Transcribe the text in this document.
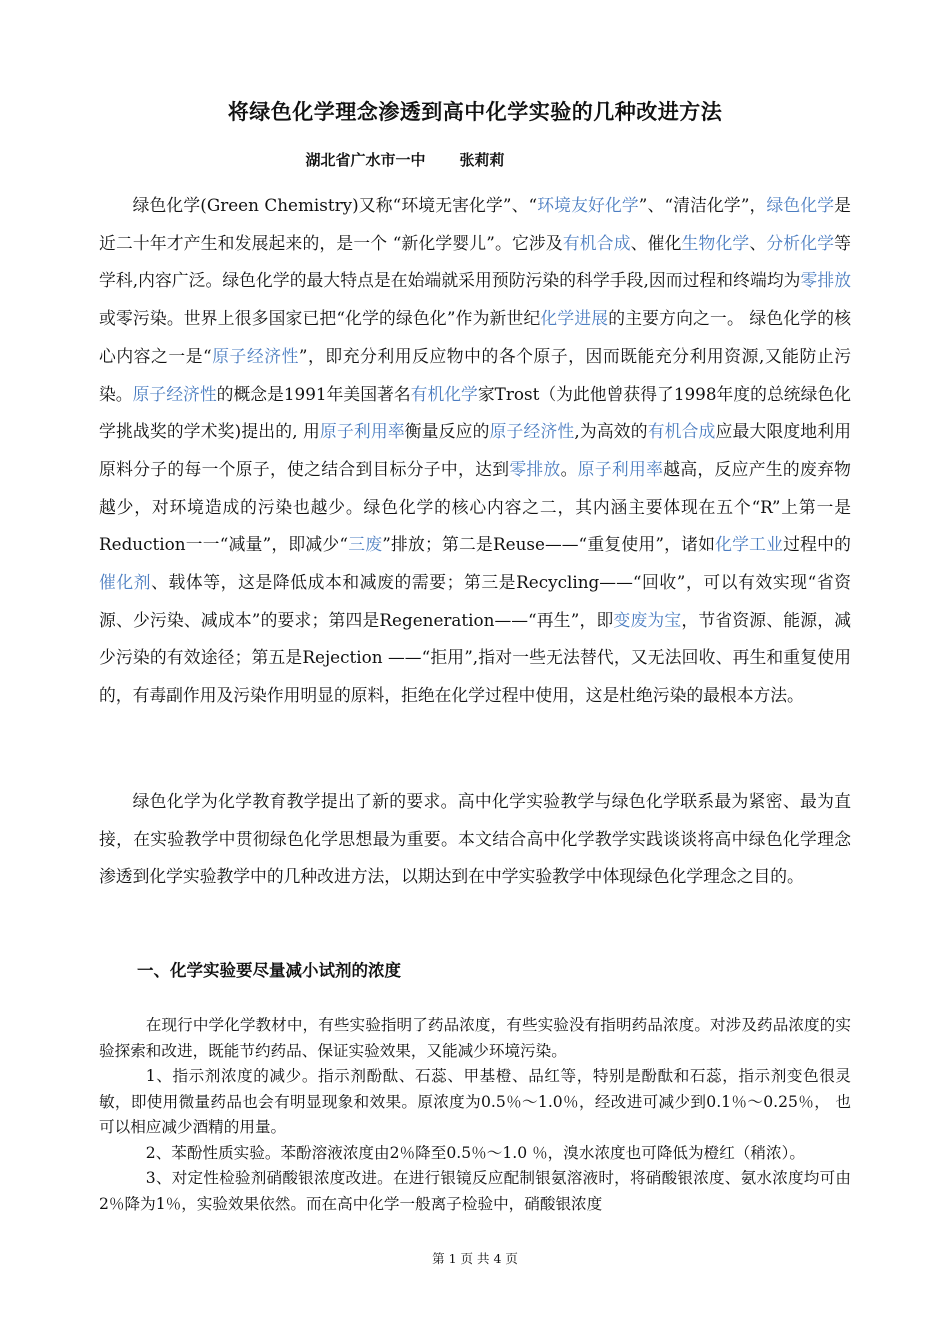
将绿色化学理念渗透到高中化学实验的几种改进方法
湖北省广水市一中 张莉莉

绿色化学(Green Chemistry)又称“环境无害化学”、“环境友好化学”、“清洁化学”，绿色化学是近二十年才产生和发展起来的，是一个 “新化学婴儿”。它涉及有机合成、催化生物化学、分析化学等学科,内容广泛。绿色化学的最大特点是在始端就采用预防污染的科学手段,因而过程和终端均为零排放或零污染。世界上很多国家已把“化学的绿色化”作为新世纪化学进展的主要方向之一。 绿色化学的核心内容之一是“原子经济性”，即充分利用反应物中的各个原子，因而既能充分利用资源,又能防止污染。原子经济性的概念是1991年美国著名有机化学家Trost（为此他曾获得了1998年度的总统绿色化学挑战奖的学术奖)提出的, 用原子利用率衡量反应的原子经济性,为高效的有机合成应最大限度地利用原料分子的每一个原子，使之结合到目标分子中，达到零排放。原子利用率越高，反应产生的废弃物越少，对环境造成的污染也越少。绿色化学的核心内容之二，其内涵主要体现在五个“R”上第一是Reduction一一“减量”，即减少“三废”排放；第二是Reuse——“重复使用”，诸如化学工业过程中的催化剂、载体等，这是降低成本和减废的需要；第三是Recycling——“回收”，可以有效实现“省资源、少污染、减成本”的要求；第四是Regeneration——“再生”，即变废为宝，节省资源、能源，减少污染的有效途径；第五是Rejection ——“拒用”,指对一些无法替代，又无法回收、再生和重复使用的，有毒副作用及污染作用明显的原料，拒绝在化学过程中使用，这是杜绝污染的最根本方法。

绿色化学为化学教育教学提出了新的要求。高中化学实验教学与绿色化学联系最为紧密、最为直接，在实验教学中贯彻绿色化学思想最为重要。本文结合高中化学教学实践谈谈将高中绿色化学理念渗透到化学实验教学中的几种改进方法，以期达到在中学实验教学中体现绿色化学理念之目的。

一、化学实验要尽量减小试剂的浓度

在现行中学化学教材中，有些实验指明了药品浓度，有些实验没有指明药品浓度。对涉及药品浓度的实验探索和改进，既能节约药品、保证实验效果，又能减少环境污染。

1、指示剂浓度的减少。指示剂酚酞、石蕊、甲基橙、品红等，特别是酚酞和石蕊，指示剂变色很灵敏，即使用微量药品也会有明显现象和效果。原浓度为0.5％～1.0％，经改进可减少到0.1％～0.25％， 也可以相应减少酒精的用量。

2、苯酚性质实验。苯酚溶液浓度由2％降至0.5％～1.0 ％，溴水浓度也可降低为橙红（稍浓）。

3、对定性检验剂硝酸银浓度改进。在进行银镜反应配制银氨溶液时，将硝酸银浓度、氨水浓度均可由2％降为1％，实验效果依然。而在高中化学一般离子检验中，硝酸银浓度

第 1 页 共 4 页
